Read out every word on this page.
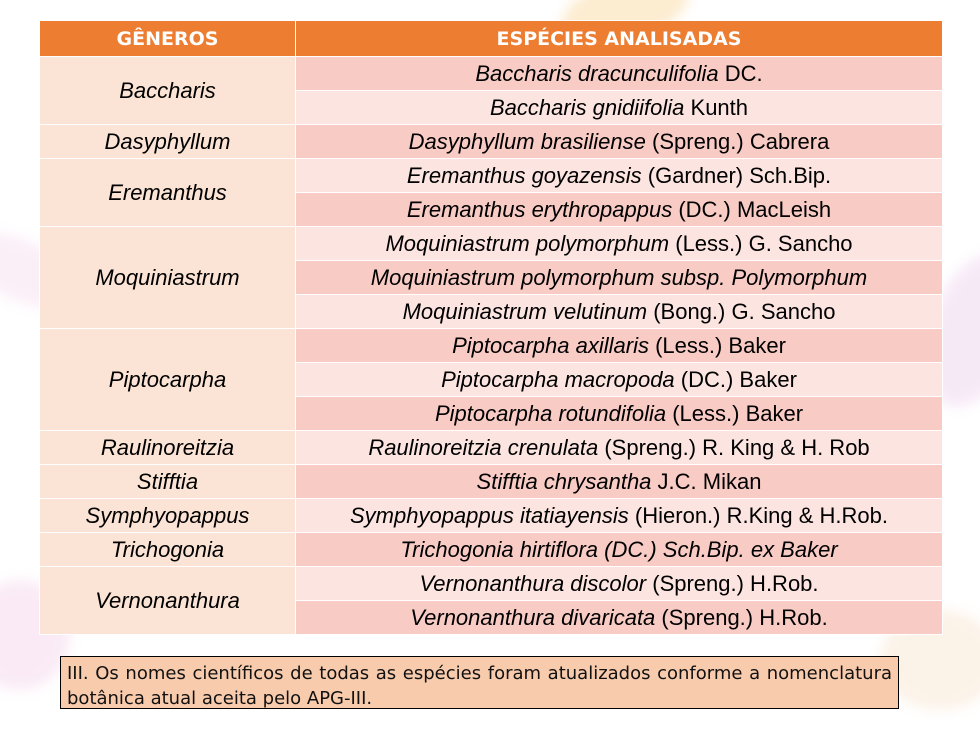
GÊNEROS	ESPÉCIES ANALISADAS
Baccharis	Baccharis dracunculifolia DC.
	Baccharis gnidiifolia Kunth
Dasyphyllum	Dasyphyllum brasiliense (Spreng.) Cabrera
Eremanthus	Eremanthus goyazensis (Gardner) Sch.Bip.
	Eremanthus erythropappus (DC.) MacLeish
Moquiniastrum	Moquiniastrum polymorphum (Less.) G. Sancho
	Moquiniastrum polymorphum subsp. Polymorphum
	Moquiniastrum velutinum (Bong.) G. Sancho
Piptocarpha	Piptocarpha axillaris (Less.) Baker
	Piptocarpha macropoda (DC.) Baker
	Piptocarpha rotundifolia (Less.) Baker
Raulinoreitzia	Raulinoreitzia crenulata (Spreng.) R. King & H. Rob
Stifftia	Stifftia chrysantha J.C. Mikan
Symphyopappus	Symphyopappus itatiayensis (Hieron.) R.King & H.Rob.
Trichogonia	Trichogonia hirtiflora (DC.) Sch.Bip. ex Baker
Vernonanthura	Vernonanthura discolor (Spreng.) H.Rob.
	Vernonanthura divaricata (Spreng.) H.Rob.
III. Os nomes científicos de todas as espécies foram atualizados conforme a nomenclatura botânica atual aceita pelo APG-III.
